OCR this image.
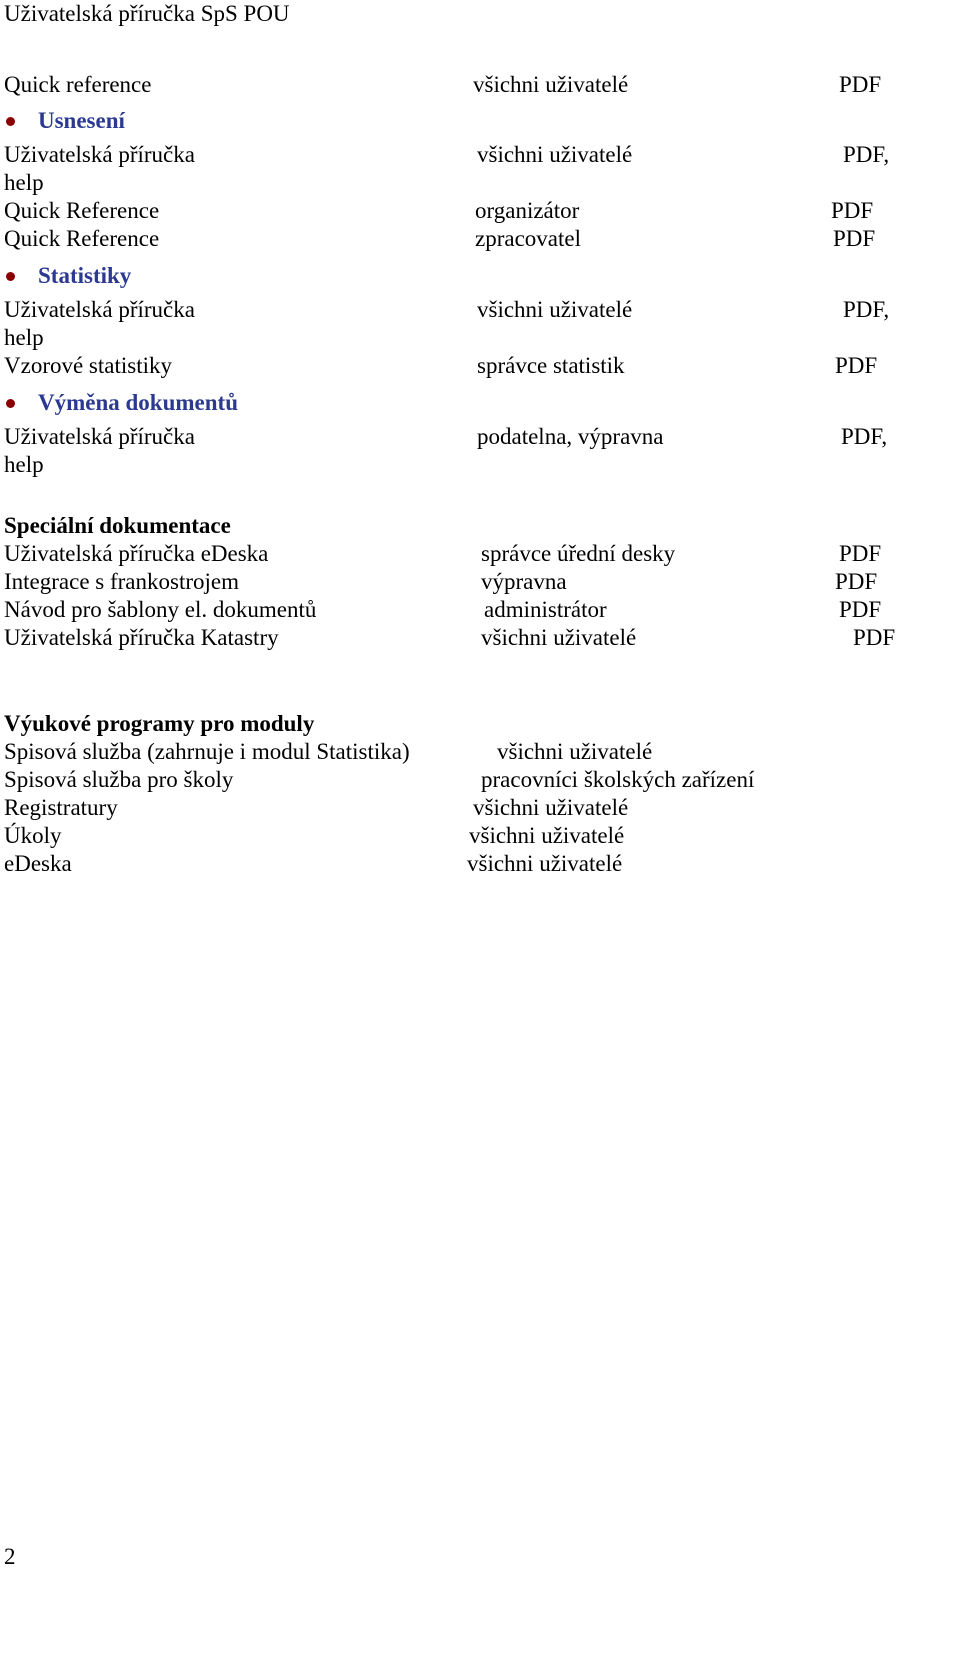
Uživatelská příručka SpS POU
Quick reference	všichni uživatelé	PDF
Usnesení
Uživatelská příručka	všichni uživatelé	PDF,
help
Quick Reference	organizátor	PDF
Quick Reference	zpracovatel	PDF
Statistiky
Uživatelská příručka	všichni uživatelé	PDF,
help
Vzorové statistiky	správce statistik	PDF
Výměna dokumentů
Uživatelská příručka	podatelna, výpravna	PDF,
help
Speciální dokumentace
Uživatelská příručka eDeska	správce úřední desky	PDF
Integrace s frankostrojem	výpravna	PDF
Návod pro šablony el. dokumentů	administrátor	PDF
Uživatelská příručka Katastry	všichni uživatelé	PDF
Výukové programy pro moduly
Spisová služba (zahrnuje i modul Statistika)	všichni uživatelé
Spisová služba pro školy	pracovníci školských zařízení
Registratury	všichni uživatelé
Úkoly	všichni uživatelé
eDeska	všichni uživatelé
2
